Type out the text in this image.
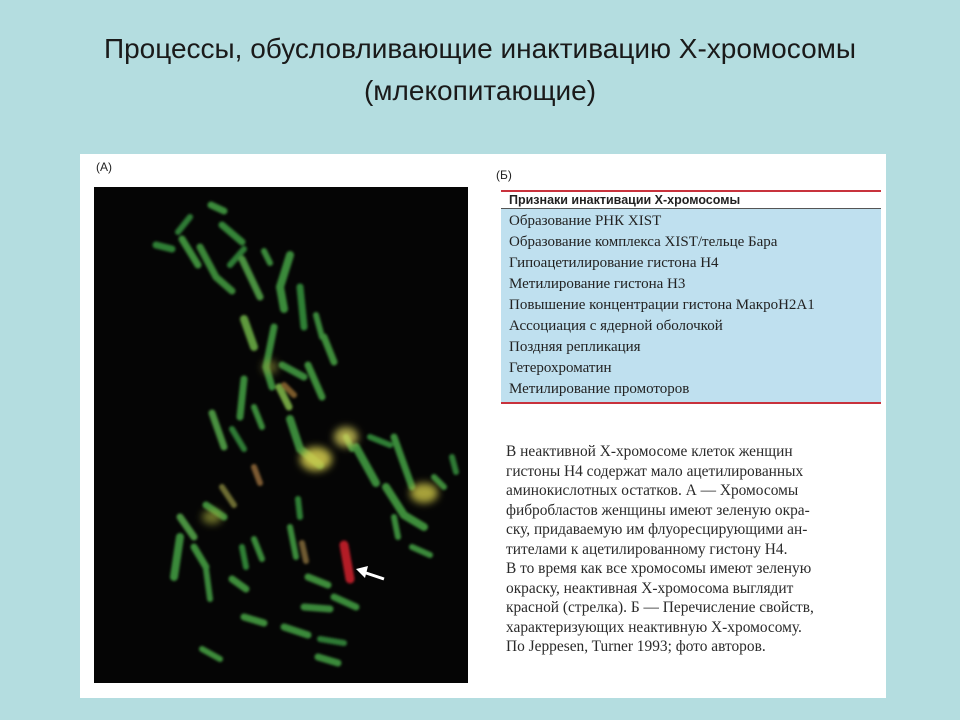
Процессы, обусловливающие инактивацию Х-хромосомы (млекопитающие)
(А)
(Б)
Признаки инактивации Х-хромосомы
Образование РНК XIST
Образование комплекса XIST/тельце Бара
Гипоацетилирование гистона Н4
Метилирование гистона Н3
Повышение концентрации гистона МакроН2А1
Ассоциация с ядерной оболочкой
Поздняя репликация
Гетерохроматин
Метилирование промоторов
В неактивной Х-хромосоме клеток женщин
гистоны Н4 содержат мало ацетилированных
аминокислотных остатков. А — Хромосомы
фибробластов женщины имеют зеленую окра-
ску, придаваемую им флуоресцирующими ан-
тителами к ацетилированному гистону Н4.
В то время как все хромосомы имеют зеленую
окраску, неактивная Х-хромосома выглядит
красной (стрелка). Б — Перечисление свойств,
характеризующих неактивную Х-хромосому.
По Jeppesen, Turner 1993; фото авторов.
